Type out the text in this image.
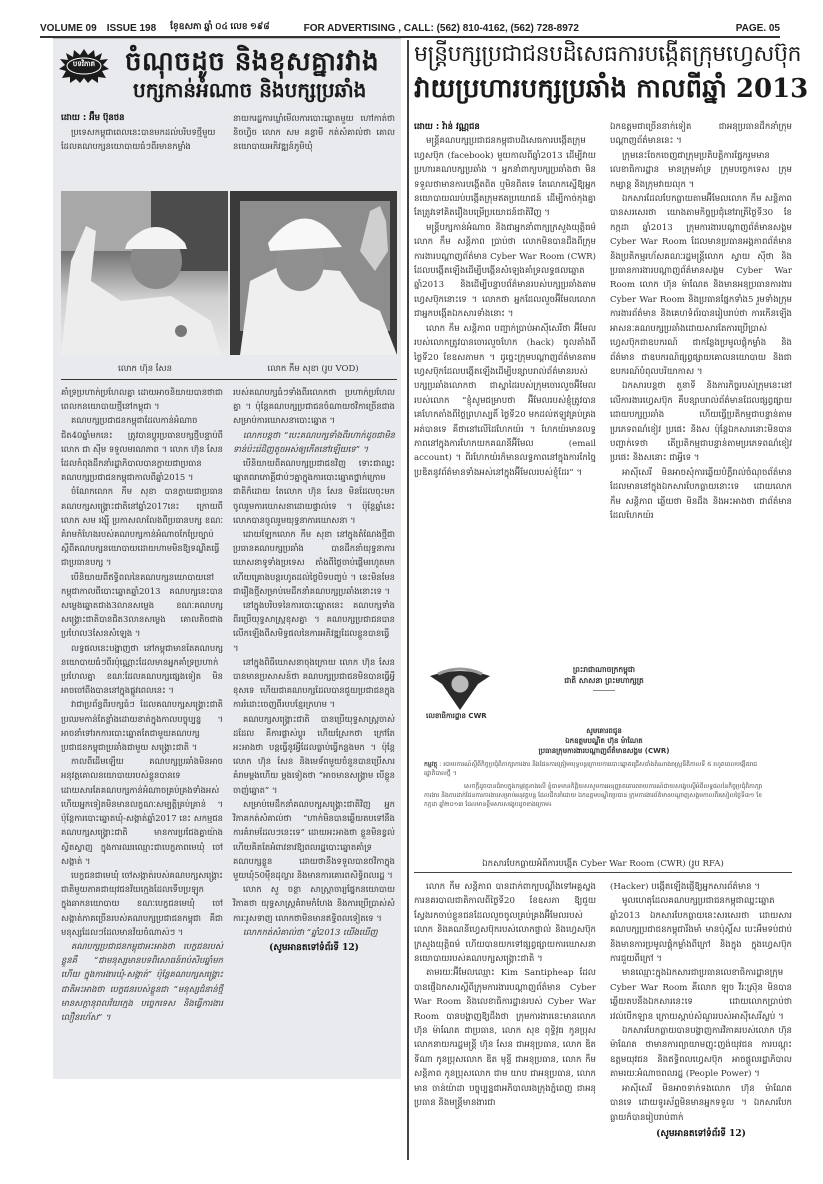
VOLUME 09 ISSUE 198 ខែ្ឧសភា ឆ្នាំ ០៤ លេខ ១៩៨	FOR ADVERTISING , CALL: (562) 810-4162, (562) 728-8972	PAGE. 05
បទវិភាគ ចំណុចដូច និងខុសគ្នារវាង
បក្សកាន់អំណាច និងបក្សប្រឆាំង
ដោយ : អ៊ឹម ប៊ុនថន

ប្រទេសកម្ពុជាពេលនេះបានមកដល់បរិបទថ្មីមួយដែលគណបក្សនយោបាយធំៗពីរមានកម្លាំង

នាយករដ្ឋការឃ្លាំមើលការបោះឆ្នោតមួយ ហៅកាត់ថា និចហ្វិច លោក សម គន្ធាមី កត់សំគាល់ថា គោលនយោបាយអភិវឌ្ឍន៍ភូមិឃុំ

លោក ហ៊ុន សែន	លោក កឹម សុខា (រូប VOD)

គាំទ្រប្រហាក់ប្រហែលគ្នា ដោយអាចនិយាយបានថាជាពេលកនយោបាយថ្មីនៅកម្ពុជា ។

គណបក្សប្រជាជនកម្ពុជាដែលកាន់អំណាចជិត40ឆ្នាំមកនេះ ត្រូវបានប្តូរប្រធានបក្សថ្មីបន្ទាប់ពីលោក ជា ស៊ីម ទទួលមរណភាព ។ លោក ហ៊ុន សែន ដែលកំពុងដឹកនាំរដ្ឋាភិបាលបានក្លាយជាប្រធានគណបក្សប្រជាជនកម្ពុជាកាលពីឆ្នាំ2015 ។

ចំណែកលោក កឹម សុខា បានក្លាយជាប្រធានគណបក្សសង្គ្រោះជាតិនៅឆ្នាំ2017នេះ ក្រោយពីលោក សម រង្ស៊ី ប្រកាសលាលែងពីប្រធានបក្ស ខណៈគំរាមកំហែងរបស់គណបក្សកាន់អំណាចកែប្រែច្បាប់ស្តីពីគណបក្សនយោបាយដោយហាមមិនឱ្យទណ្ឌិតធ្វើជាប្រធានបក្ស ។

បើនិយាយពីឥទ្ធិពលនៃគណបក្សនយោបាយនៅកម្ពុជាកាលពីបោះឆ្នោតឆ្នាំ2013 គណបក្សនេះបានសម្លេងឆ្នោតជាង3លានសម្លេង ខណៈគណបក្សសង្គ្រោះជាតិបានជិត3លានសម្លេង គោលតិចជាងប្រហែល3សែនសំឡេង ។

លទ្ធផលនេះបង្ហាញថា នៅកម្ពុជាមានតែគណបក្សនយោបាយធំៗពីរប៉ុណ្ណោះដែលមានអ្នកគាំទ្រប្រហាក់ប្រហែលគ្នា ខណៈដែលគណបក្សផ្សេងទៀត មិនអាចចៅពីងបាននៅក្នុងផ្លូវពេលនេះ ។

វាជាប្រព័ន្ធពីរបក្សធំៗ ដែលគណបក្សសង្គ្រោះជាតិ ប្រឈមកាន់តែខ្លាំងដោយខាត់ក្នុងកាលបច្ចុប្បន្ន ។ អាចនាំទៅរកការបោះឆ្នោតតែជាមួយគណបក្សប្រជាជនកម្ពុជាប្រឆាំងជាមួយ សង្គ្រោះជាតិ ។

កាលពីដើមឡើយ គណបក្សប្រឆាំងមិនអាចអនុវត្តគោលនយោបាយរបស់ខ្លួនបានទេ ដោយសារតែគណបក្សកាន់អំណាចគ្រប់គ្រងទាំងអស់ ហើយអ្នកទៀតមិនមានលក្ខណៈសម្បត្តិគ្រប់គ្រាន់ ។ ប៉ុន្តែការបោះឆ្នោតឃុំ-សង្កាត់ឆ្នាំ2017 នេះ សកម្មជនគណបក្សសង្គ្រោះជាតិ មានការប្រជែងគ្នាយ៉ាងស្វិតស្វាញ ក្នុងការឈរឈ្មោះជាបេក្ខភាពមេឃុំ ចៅសង្កាត់ ។

បេក្ខជនជាមេឃុំ ចៅសង្កាត់របស់គណបក្សសង្គ្រោះជាតិមួយភាគជាយុវជនវ័យក្មេងដែលទើបប្រឡូកក្នុងឆាកនយោបាយ ខណៈបេក្ខជនមេឃុំ ចៅសង្កាត់ភាគច្រើនរបស់គណបក្សប្រជាជនកម្ពុជា គឺជាមនុស្សដែលៗដែលមានវ័យចំណាស់ៗ ។

គណបក្សប្រជាជនកម្ពុជាអះអាងថា បេក្ខជនរបស់ខ្លួនគឺ “ជាមនុស្សមានបទពិសោធន៍រាប់សិបឆ្នាំមកហើយ ក្នុងការងារឃុំ-សង្កាត់” ប៉ុន្តែគណបក្សសង្គ្រោះជាតិអះអាងថា បេក្ខជនរបស់ខ្លួនជា “មនុស្សជំនាន់ថ្មី មានសក្តានុពលវ័យក្មេង បច្ចេកទេស និងធ្វើការងារលឿនរហ័ស” ។

របស់គណបក្សធំៗទាំងពីរលោកថា ប្រហាក់ប្រហែលគ្នា ។ ប៉ុន្តែគណបក្សប្រជាជនចំណាយថវិកាច្រើនជាងសម្រាប់ការឃោសនាបោះឆ្នោត ។

លោកបន្តថា “បេះគណបក្សទាំងពីរហាក់ដូចជាមិនទាន់ប៉ះរ៉េដិញតូចអស់ឲ្យកើតនៅឡើយទេ” ។

បើនិយាយពីគណបក្សប្រជាជនវិញ ទោះជាឈ្នះឆ្នោតពរាភោគ្គីជាប់ៗគ្នាក្នុងការបោះឆ្នោតថ្នាក់ក្រោមជាតិក៏ដោយ តែលោក ហ៊ុន សែន មិនដែលចុះមកចូលរួមការឃោសនាដោយផ្ទាល់ទេ ។ ប៉ុន្តែឆ្នាំនេះលោកបានចូលរួមយុទ្ធនាការឃោសនា ។

ដោយឡែកលោក កឹម សុខា នៅក្នុងតំណែងថ្មីជាប្រធានគណបក្សប្រឆាំង បានដឹកនាំយុទ្ធនាការឃោសនាទូទាំងប្រទេស តាំងពីថ្ងៃចាប់ផ្តើមរហូតមក ហើយគ្រោងបន្តរហូតដល់ថ្ងៃបិទបញ្ចប់ ។ នេះមិនមែនជារឿងថ្មីសម្រាប់មេដឹកនាំគណបក្សប្រឆាំងនោះទេ ។

នៅក្នុងបរិបទនៃការបោះឆ្នោតនេះ គណបក្សទាំងពីរប្រើយុទ្ធសាស្ត្រខុសគ្នា ។ គណបក្សប្រជាជនបានលើកឡើងពីសមិទ្ធផលនៃការអភិវឌ្ឍដែលខ្លួនបានធ្វើ ។

នៅក្នុងពិធីឃោសនាចុងក្រោយ លោក ហ៊ុន សែន បានមានប្រសាសន៍ថា គណបក្សប្រជាជនមិនបានធ្វើអ្វីខុសទេ ហើយជាគណបក្សដែលបានជួយប្រជាជនក្នុងការរំដោះចេញពីរបបខ្មែរក្រហម ។

គណបក្សសង្គ្រោះជាតិ បានប្រើយុទ្ធសាស្ត្រចាស់ដដែល គឺការផ្លាស់ប្តូរ ហើយស្រែកថា ក្រៅតែអះអាងថា បន្តធ្វើនូវអ្វីដែលធ្លាប់ធ្វើកន្លងមក ។ ប៉ុន្តែលោក ហ៊ុន សែន និងមេទ័ពមួយចំនួនបានប្រើសារគំរាមម្តងហើយ ម្តងទៀតថា “អាចមានសង្គ្រាម បើខ្លួនចាញ់ឆ្នោត” ។

សម្រាប់មេដឹកនាំគណបក្សសង្គ្រោះជាតិវិញ អ្នកវិភាគកត់សំគាល់ថា “ហាក់មិនបានឆ្លើយតបទៅនឹងការគំរាមដែលៗនេះទេ” ដោយអះអាងថា ខ្លួនមិនខ្វល់ ហើយគិតតែអំពាវនាវឱ្យពលរដ្ឋបោះឆ្នោតគាំទ្រគណបក្សខ្លួន ដោយថានឹងទទួលបានថវិកាក្នុងមួយឃុំ50ម៉ឺនដុល្លារ និងមានការគោរពសិទ្ធិពលរដ្ឋ ។

លោក សួ ចន្ថា សាស្ត្រាចារ្យផ្នែកនយោបាយ វិភាគថា យុទ្ធសាស្ត្រគំរាមកំហែង និងការប្រើប្រាស់សំការៈរូសទាញ លោកថាមិនមានឥទ្ធិពលទៀតទេ ។

លោកកត់សំគាល់ថា “ឆ្នាំ2013 យើងឃើញ

(សូមអានតទៅទំព័រទី 12)
មន្ត្រីបក្សប្រជាជនបដិសេធការបង្កើតក្រុមហ្វេសប៊ុក
វាយប្រហារបក្សប្រឆាំង កាលពីឆ្នាំ 2013
ដោយ : វ៉ាន់ វណ្ណជន

មន្ត្រីគណបក្សប្រជាជនកម្ពុជាបដិសេធការបង្កើតក្រុមហ្វេសប៊ុក (facebook) មួយកាលពីឆ្នាំ2013 ដើម្បីវាយប្រហារគណបក្សប្រឆាំង ។ អ្នកនាំពាក្យបក្សប្រឆាំងថា មិនទទួលថាមានការបង្កើតពិត ឬមិនពិតទេ តែលោកស្នើឱ្យអ្នកនយោបាយឈប់បង្កើតក្រុមឥតប្រយោជន៍ ដើម្បីកាច់កុងគ្នា តែត្រូវទៅគិតរឿងបម្រើប្រយោជន៍ជាតិវិញ ។

មន្ត្រីបក្សកាន់អំណាច និងជាអ្នកនាំពាក្យក្រសួងយុត្តិធម៌លោក កឹម សន្តិភាព ប្រាប់ថា លោកមិនបានដឹងពីក្រុមការងារបណ្តាញព័ត៌មាន Cyber War Room (CWR) ដែលបង្កើតឡើងដើម្បីបង្កើនសំឡេងគាំទ្រលទ្ធផលឆ្នោតឆ្នាំ2013 និងដើម្បីបន្ទាបព័ត៌មានរបស់បក្សប្រឆាំងតាមហ្វេសប៊ុកនោះទេ ។ លោកថា អ្នកដែលលួចអ៊ីមែលលោក ជាអ្នកបង្កើតឯកសារទាំងនោះ ។

លោក កឹម សន្តិភាព បញ្ជាក់ប្រាប់អាស៊ីសេរីថា អ៊ីមែលរបស់លោកត្រូវបានចោរលួចហែក (hack) ចូលតាំងពីថ្ងៃទី20 ខែឧសភាមក ។ ដូច្នេះក្រុមបណ្តាញព័ត៌មានតាមហ្វេសប៊ុកដែលបង្កើតឡើងដើម្បីបន្សាបរាល់ព័ត៌មានរបស់បក្សប្រឆាំងលោកថា ជាស្នាដៃរបស់ក្រុមចោរលួចអ៊ីមែលរបស់លោក “ខ្ញុំសូមជម្រាបថា អ៊ីមែលរបស់ខ្ញុំត្រូវបានគេហែកតាំងពីថ្ងៃព្រហស្បតិ៍ ថ្ងៃទី20 មកដល់ឥឡូវគ្រប់គ្រងអត់បានទេ គឺថានៅលើដៃហែកយ៉រ ។ ហែកយ៉រមានលទ្ធភាពនៅក្នុងការហែកយកគណនីអ៊ីមែល (email account) ។ ពីរហែកយ៉រក៏មានលទ្ធភាពនៅក្នុងការកែច្នៃប្រឌិតនូវព័ត៌មានទាំងអស់នៅក្នុងអ៊ីមែលរបស់ខ្ញុំដែរ” ។

ឯកឧត្តមជាច្រើននាក់ទៀត ជាអនុប្រធានដឹកនាំក្រុមបណ្តាញព័ត៌មាននេះ ។

ក្រុមនេះចែកចេញជាក្រុមប្រតិបត្តិការផ្នែករួមមាន លេខាធិការដ្ឋាន មានក្រុមគាំទ្រ ក្រុមបច្ចេកទេស ក្រុមកម្សាន្ត និងក្រុមវាយលុក ។

ឯកសារដែលបែកធ្លាយតាមអ៊ីមែលលោក កឹម សន្តិភាព បានសរសេរថា យោងតាមកិច្ចប្រជុំនៅរាត្រីថ្ងៃទី30 ខែកក្កដា ឆ្នាំ2013 ក្រុមការងារបណ្តាញព័ត៌មានសង្គម Cyber War Room ដែលមានប្រធានអង្គភាពព័ត៌មាន និងប្រតិកម្មរហ័សគណៈរដ្ឋមន្ត្រីលោក ស្វាយ ស៊ីថា និងប្រធានការងារបណ្តាញព័ត៌មានសង្គម Cyber War Room លោក ហ៊ុន ម៉ាណែត និងមានអនុប្រធានការងារ Cyber War Room និងប្រធានផ្នែកទាំង5 រួមទាំងក្រុមការងារព័ត៌មាន និងគេហទំព័របានរៀបរាប់ថា ការកើនឡើងអាសនៈគណបក្សប្រឆាំងដោយសារតែការប្រើប្រាស់ហ្វេសប៊ុកជាឧបករណ៍ ជាកន្លែងប្រមូលផ្តុំកម្លាំង និងព័ត៌មាន ជាឧបករណ៍ផ្សព្វផ្សាយគោលនយោបាយ និងជាឧបករណ៍បំពុលបរិយាកាស ។

ឯកសារបន្តថា តួនាទី និងភារកិច្ចរបស់ក្រុមនេះនៅលើការងារហ្វេសប៊ុក គឺបន្សាបរាល់ព័ត៌មានដែលផ្សព្វផ្សាយដោយបក្សប្រឆាំង ហើយធ្វើប្រតិកម្មជាបន្ទាន់តាមប្រភេទពណ៌ខៀវ ប្រផេះ និងស ប៉ុន្តែឯកសារនោះមិនបានបញ្ជាក់ទេថា តើប្រតិកម្មជាបន្ទាន់តាមប្រភេទពណ៌ខៀវ ប្រផេះ និងសនោះ ជាអ្វីទេ ។

អាស៊ីសេរី មិនអាចសុំការឆ្លើយបំភ្លឺរាល់ចំណុចព័ត៌មានដែលមាននៅក្នុងឯកសារបែកធ្លាយនោះទេ ដោយលោក កឹម សន្តិភាព ឆ្លើយថា មិនដឹង និងអះអាងថា ជាព័ត៌មានដែលហែកយ៉រ

ព្រះរាជាណាចក្រកម្ពុជា
ជាតិ សាសនា ព្រះមហាក្សត្រ
លេខាធិការដ្ឋាន CWR
សូមគោរពជូន
ឯកឧត្តមបណ្ឌិត ហ៊ុន ម៉ាណែត
ប្រធានក្រុមការងារបណ្តាញព័ត៌មានសង្គម (CWR)
កម្មវត្ថុ : របាយការណ៍ស្តីពីកិច្ចប្រជុំពិភាក្សាការងារ និងផែនការត្រៀមយុទ្ធបន្តក្រោយការបោះឆ្នោតជ្រើសតាំងតំណាងរាស្ត្រនីតិកាលទី ៥ រហូតពេលបង្កើតរាជរដ្ឋាភិបាលថ្មី ។
សេចក្តីដូចបានជំរាបក្នុងកម្មវត្ថុខាងលើ ខ្ញុំបាទមានកិត្តិយសសូមការអនុញ្ញាតគោរពរាយការណ៍ជាយសង្ខេបស្តីអំពីលទ្ធផលនៃកិច្ចប្រជុំពិភាក្សាការងារ និងការដាក់ផែនការការងារសម្រាប់អនុវត្តបន្ត ដែលដឹកនាំដោយ ឯកឧត្តមបណ្ឌិតប្រធាន ក្រុមការងារព័ត៌មានបណ្តាញសង្គមកាលពីរសៀលថ្ងៃទី៣១ ខែកក្កដា ឆ្នាំ២០១៣ ដែលមានខ្លឹមសារសង្ខេបដូចខាងក្រោម៖
ឯកសារបែកធ្លាយអំពីការបង្កើត Cyber War Room (CWR) (រូប RFA)

លោក កឹម សន្តិភាព បានដាក់ពាក្យបណ្តឹងទៅអគ្គស្នងការនគរបាលជាតិកាលពីថ្ងៃទី20 ខែឧសភា ឱ្យជួយស្វែងរកចាប់ខ្លួនជនដែលលួចចូលគ្រប់គ្រងអ៊ីមែលរបស់លោក និងគណនីហ្វេសប៊ុករបស់លោកផ្ទាល់ និងហ្វេសប៊ុកក្រសួងយុត្តិធម៌ ហើយបានយកទៅផ្សព្វផ្សាយការឃោសនានយោបាយរបស់គណបក្សសង្គ្រោះជាតិ ។

តាមរយៈអ៊ីមែលឈ្មោះ Kim Santipheap ដែលបានផ្ញើឯកសារស្តីពីក្រុមការងារបណ្តាញព័ត៌មាន Cyber War Room និងលេខាធិការដ្ឋានរបស់ Cyber War Room បានបង្ហាញឱ្យដឹងថា ក្រុមការងារនេះមានលោក ហ៊ុន ម៉ាណែត ជាប្រធាន, លោក សុខ ពុទ្ធិវុធ កូនប្រុសលោកនាយករដ្ឋមន្ត្រី ហ៊ុន សែន ជាអនុប្រធាន, លោក ឌិត ទីណា កូនប្រុសលោក ឌិត មុន្ទី ជាអនុប្រធាន, លោក កឹម សន្តិភាព កូនប្រុសលោក ជាម យាប ជាអនុប្រធាន, លោក មាន ចាន់យ៉ាដា បច្ចុប្បន្នជាអភិបាលរងក្រុងភ្នំពេញ ជាអនុប្រធាន និងមន្ត្រីមានងារជា

(Hacker) បង្កើតឡើងផ្ញើឱ្យអ្នកសារព័ត៌មាន ។

មូលហេតុដែលគណបក្សប្រជាជនកម្ពុជាឈ្នះឆ្នោតឆ្នាំ2013 ឯកសារបែកធ្លាយនេះសរសេរថា ដោយសារគណបក្សប្រជាជនកម្ពុជារឹងមាំ មានប៉ុស្តិ៍ស បេះអឺមទប់ជាប់ និងមានការប្រមូលផ្តុំកម្លាំងពីក្រៅ និងក្នុង ក្នុងហ្វេសប៊ុកការជួយពីក្រៅ ។

មានឈ្មោះក្នុងឯកសារជាប្រធានលេខាធិការដ្ឋានក្រុម Cyber War Room គឺលោក ឡុច វីរៈស្រ៊ុន មិនបានឆ្លើយតបនឹងឯកសារនេះទេ ដោយលោកប្រាប់ថារវល់បើកឡាន ក្រោយស្តាប់សំណួររបស់អាស៊ីសេរីស្ងប់ ។

ឯកសារបែកធ្លាយបានបង្ហាញការវិភាគរបស់លោក ហ៊ុន ម៉ាណែត ថាមានការព្យាយាមញុះញង់យុវជន ការបណ្តុះឧត្តមយុវជន និងឥទ្ធិពលហ្វេសប៊ុក អាចផ្តួលរដ្ឋាភិបាលតាមរយៈអំណាចពលរដ្ឋ (People Power) ។

អាស៊ីសេរី មិនអាចទាក់ទងលោក ហ៊ុន ម៉ាណែត បានទេ ដោយទូរស័ព្ទមិនមានអ្នកទទួល ។ ឯកសារបែកធ្លាយក៏បានរៀបរាប់ពាក់

(សូមអានតទៅទំព័រទី 12)
